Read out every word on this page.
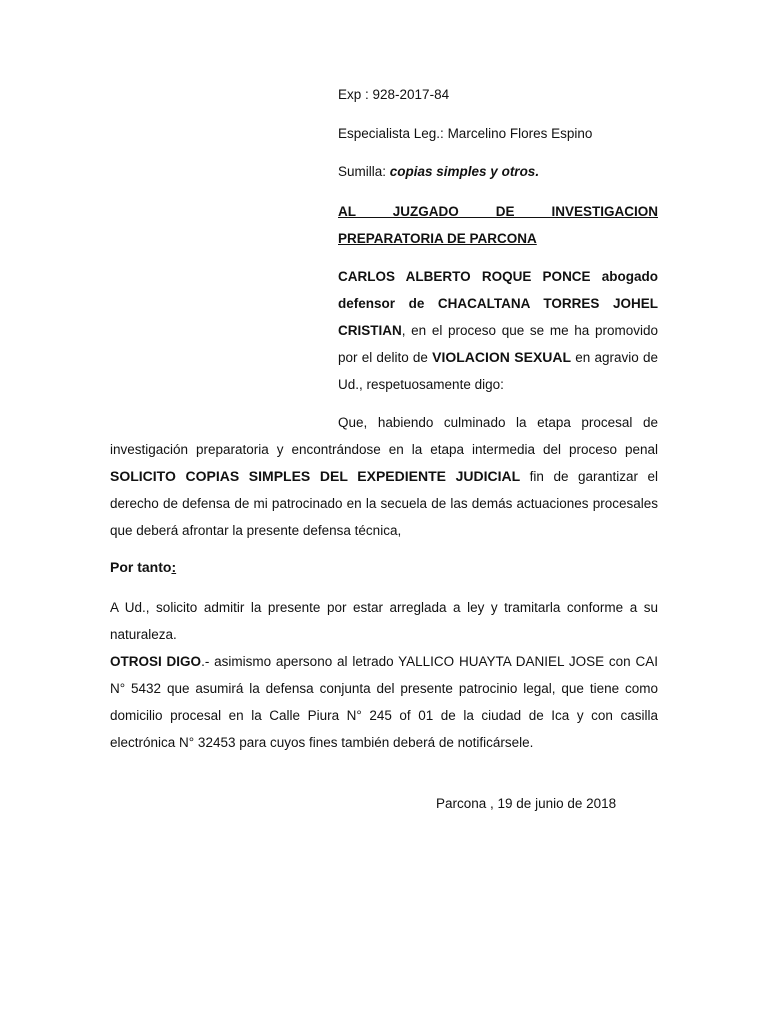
Exp : 928-2017-84

Especialista Leg.: Marcelino Flores Espino

Sumilla: copias simples y otros.

AL JUZGADO DE INVESTIGACION PREPARATORIA DE PARCONA

CARLOS ALBERTO ROQUE PONCE abogado defensor de CHACALTANA TORRES JOHEL CRISTIAN, en el proceso que se me ha promovido por el delito de VIOLACION SEXUAL en agravio de Ud., respetuosamente digo:

Que, habiendo culminado la etapa procesal de investigación preparatoria y encontrándose en la etapa intermedia del proceso penal SOLICITO COPIAS SIMPLES DEL EXPEDIENTE JUDICIAL fin de garantizar el derecho de defensa de mi patrocinado en la secuela de las demás actuaciones procesales que deberá afrontar la presente defensa técnica,

Por tanto:

A Ud., solicito admitir la presente por estar arreglada a ley y tramitarla conforme a su naturaleza.

OTROSI DIGO.- asimismo apersono al letrado YALLICO HUAYTA DANIEL JOSE con CAI N° 5432 que asumirá la defensa conjunta del presente patrocinio legal, que tiene como domicilio procesal en la Calle Piura N° 245 of 01 de la ciudad de Ica y con casilla electrónica N° 32453 para cuyos fines también deberá de notificársele.

Parcona , 19 de junio de 2018
